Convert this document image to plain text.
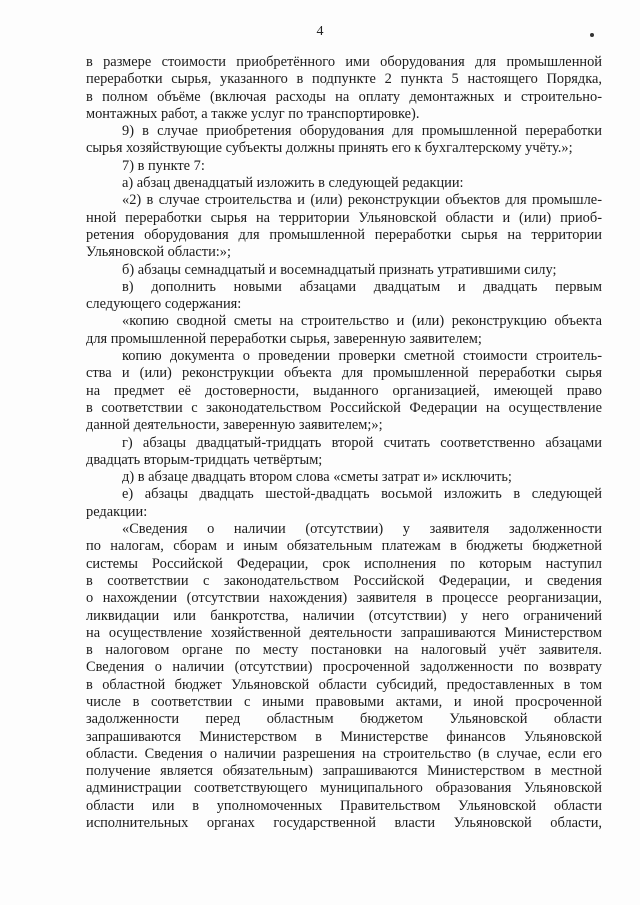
4
в размере стоимости приобретённого ими оборудования для промышленной
переработки сырья, указанного в подпункте 2 пункта 5 настоящего Порядка,
в полном объёме (включая расходы на оплату демонтажных и строительно-
монтажных работ, а также услуг по транспортировке).
9) в случае приобретения оборудования для промышленной переработки
сырья хозяйствующие субъекты должны принять его к бухгалтерскому учёту.»;
7) в пункте 7:
а) абзац двенадцатый изложить в следующей редакции:
«2) в случае строительства и (или) реконструкции объектов для промышле-
нной переработки сырья на территории Ульяновской области и (или) приоб-
ретения оборудования для промышленной переработки сырья на территории
Ульяновской области:»;
б) абзацы семнадцатый и восемнадцатый признать утратившими силу;
в) дополнить новыми абзацами двадцатым и двадцать первым
следующего содержания:
«копию сводной сметы на строительство и (или) реконструкцию объекта
для промышленной переработки сырья, заверенную заявителем;
копию документа о проведении проверки сметной стоимости строитель-
ства и (или) реконструкции объекта для промышленной переработки сырья
на предмет её достоверности, выданного организацией, имеющей право
в соответствии с законодательством Российской Федерации на осуществление
данной деятельности, заверенную заявителем;»;
г) абзацы двадцатый-тридцать второй считать соответственно абзацами
двадцать вторым-тридцать четвёртым;
д) в абзаце двадцать втором слова «сметы затрат и» исключить;
е) абзацы двадцать шестой-двадцать восьмой изложить в следующей
редакции:
«Сведения о наличии (отсутствии) у заявителя задолженности
по налогам, сборам и иным обязательным платежам в бюджеты бюджетной
системы Российской Федерации, срок исполнения по которым наступил
в соответствии с законодательством Российской Федерации, и сведения
о нахождении (отсутствии нахождения) заявителя в процессе реорганизации,
ликвидации или банкротства, наличии (отсутствии) у него ограничений
на осуществление хозяйственной деятельности запрашиваются Министерством
в налоговом органе по месту постановки на налоговый учёт заявителя.
Сведения о наличии (отсутствии) просроченной задолженности по возврату
в областной бюджет Ульяновской области субсидий, предоставленных в том
числе в соответствии с иными правовыми актами, и иной просроченной
задолженности перед областным бюджетом Ульяновской области
запрашиваются Министерством в Министерстве финансов Ульяновской
области. Сведения о наличии разрешения на строительство (в случае, если его
получение является обязательным) запрашиваются Министерством в местной
администрации соответствующего муниципального образования Ульяновской
области или в уполномоченных Правительством Ульяновской области
исполнительных органах государственной власти Ульяновской области,
